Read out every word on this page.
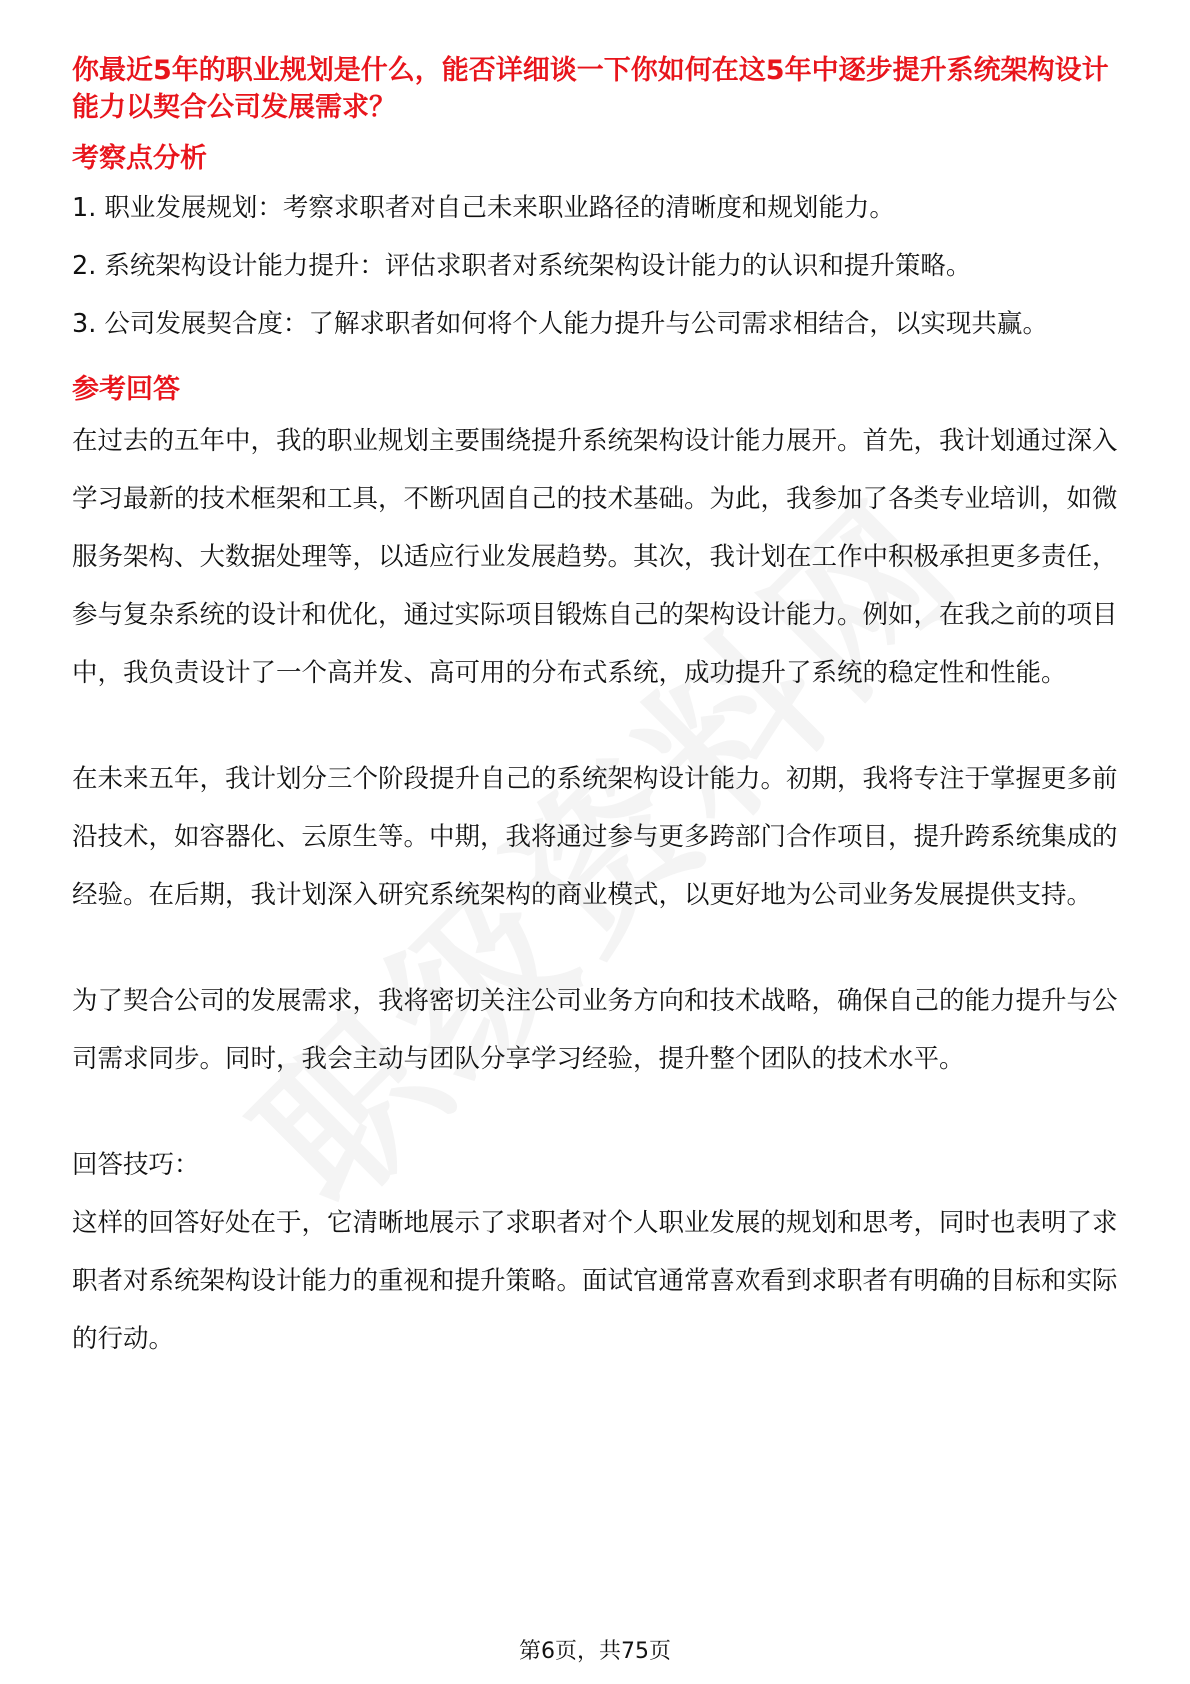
你最近5年的职业规划是什么，能否详细谈一下你如何在这5年中逐步提升系统架构设计能力以契合公司发展需求？

考察点分析

1. 职业发展规划：考察求职者对自己未来职业路径的清晰度和规划能力。

2. 系统架构设计能力提升：评估求职者对系统架构设计能力的认识和提升策略。

3. 公司发展契合度：了解求职者如何将个人能力提升与公司需求相结合，以实现共赢。

参考回答

在过去的五年中，我的职业规划主要围绕提升系统架构设计能力展开。首先，我计划通过深入学习最新的技术框架和工具，不断巩固自己的技术基础。为此，我参加了各类专业培训，如微服务架构、大数据处理等，以适应行业发展趋势。其次，我计划在工作中积极承担更多责任，参与复杂系统的设计和优化，通过实际项目锻炼自己的架构设计能力。例如，在我之前的项目中，我负责设计了一个高并发、高可用的分布式系统，成功提升了系统的稳定性和性能。

在未来五年，我计划分三个阶段提升自己的系统架构设计能力。初期，我将专注于掌握更多前沿技术，如容器化、云原生等。中期，我将通过参与更多跨部门合作项目，提升跨系统集成的经验。在后期，我计划深入研究系统架构的商业模式，以更好地为公司业务发展提供支持。

为了契合公司的发展需求，我将密切关注公司业务方向和技术战略，确保自己的能力提升与公司需求同步。同时，我会主动与团队分享学习经验，提升整个团队的技术水平。

回答技巧：

这样的回答好处在于，它清晰地展示了求职者对个人职业发展的规划和思考，同时也表明了求职者对系统架构设计能力的重视和提升策略。面试官通常喜欢看到求职者有明确的目标和实际的行动。

第6页，共75页
